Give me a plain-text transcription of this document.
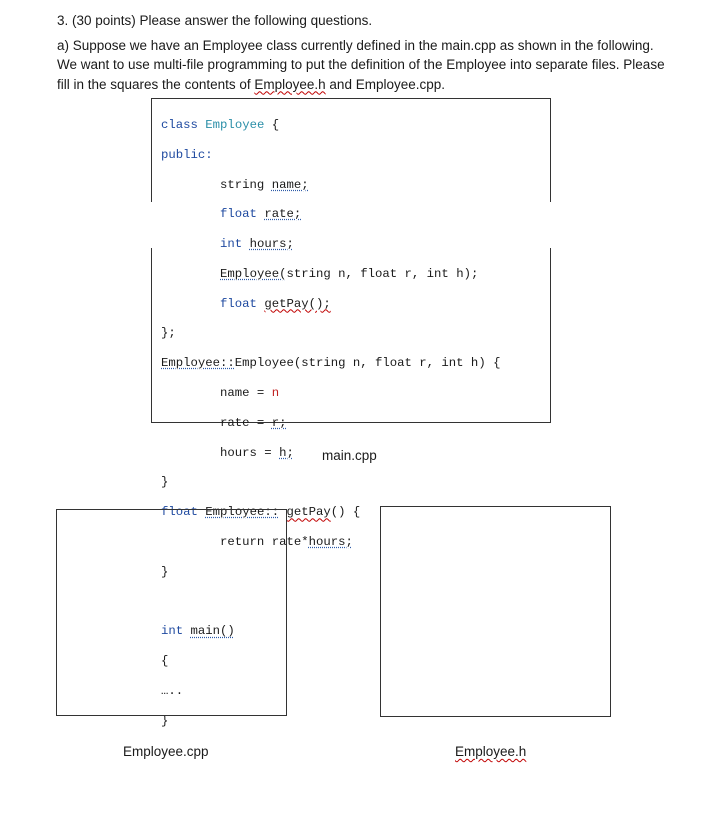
3. (30 points) Please answer the following questions.

a) Suppose we have an Employee class currently defined in the main.cpp as shown in the following. We want to use multi-file programming to put the definition of the Employee into separate files. Please fill in the squares the contents of Employee.h and Employee.cpp.

class Employee {

public:

string name;

float rate;

int hours;

Employee(string n, float r, int h);

float getPay();

};

Employee::Employee(string n, float r, int h) {

name = n

rate = r;

hours = h;

}

float Employee:: getPay() {

return rate*hours;

}

int main()

{

…..

}

main.cpp
Employee.cpp	Employee.h
